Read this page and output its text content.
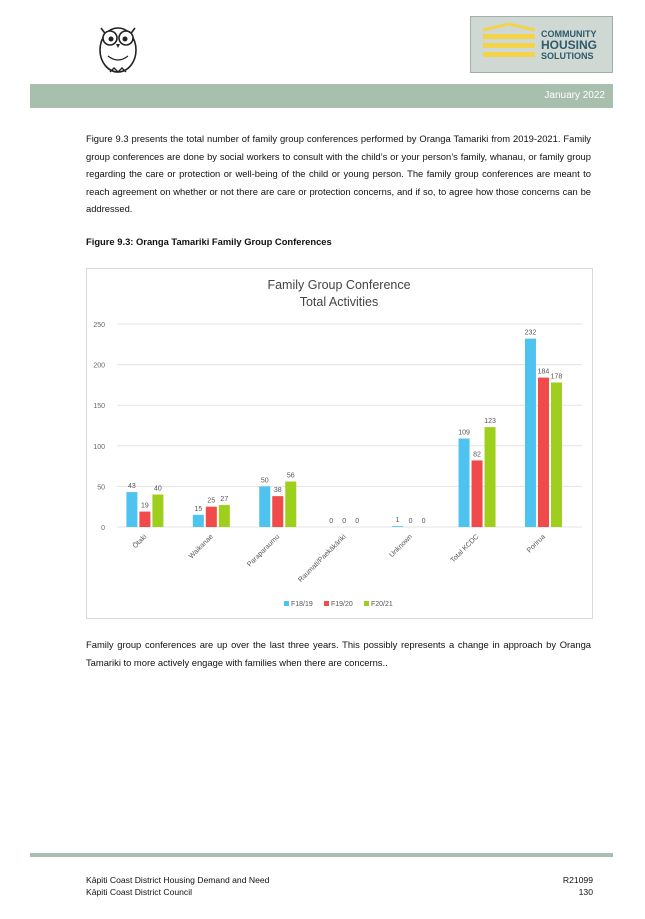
COMMUNITY
HOUSING
SOLUTIONS
January 2022
Figure 9.3 presents the total number of family group conferences performed by Oranga Tamariki from 2019-2021. Family group conferences are done by social workers to consult with the child’s or your person’s family, whanau, or family group regarding the care or protection or well-being of the child or young person. The family group conferences are meant to reach agreement on whether or not there are care or protection concerns, and if so, to agree how those concerns can be addressed.
Figure 9.3: Oranga Tamariki Family Group Conferences
Family Group Conference
Total Activities
0
50
100
150
200
250
43
19
40
Ōtaki
15
25 27
Waikanae
50
38
56
Paraparaumu
0 0 0
Raumati/Paekākāriki
1 0 0
Unknown
109
82
123
Total KCDC
232
184
178
Porirua
F18/19	F19/20	F20/21
Family group conferences are up over the last three years. This possibly represents a change in approach by Oranga Tamariki to more actively engage with families when there are concerns..
Kāpiti Coast District Housing Demand and Need
Kāpiti Coast District Council
R21099
130
